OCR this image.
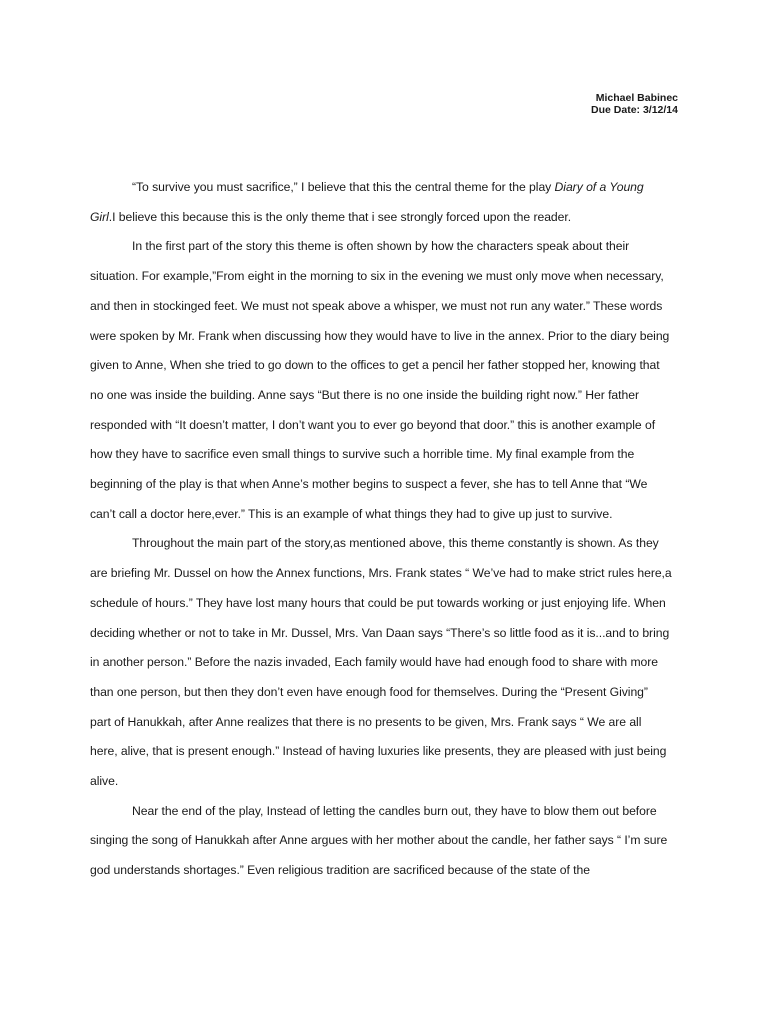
Michael Babinec
Due Date: 3/12/14

“To survive you must sacrifice,” I believe that this the central theme for the play Diary of a Young Girl.I believe this because this is the only theme that i see strongly forced upon the reader.

In the first part of the story this theme is often shown by how the characters speak about their situation. For example,”From eight in the morning to six in the evening we must only move when necessary, and then in stockinged feet. We must not speak above a whisper, we must not run any water.” These words were spoken by Mr. Frank when discussing how they would have to live in the annex. Prior to the diary being given to Anne, When she tried to go down to the offices to get a pencil her father stopped her, knowing that no one was inside the building. Anne says “But there is no one inside the building right now.” Her father responded with “It doesn’t matter, I don’t want you to ever go beyond that door.” this is another example of how they have to sacrifice even small things to survive such a horrible time. My final example from the beginning of the play is that when Anne’s mother begins to suspect a fever, she has to tell Anne that “We can’t call a doctor here,ever.” This is an example of what things they had to give up just to survive.

Throughout the main part of the story,as mentioned above, this theme constantly is shown. As they are briefing Mr. Dussel on how the Annex functions, Mrs. Frank states “ We’ve had to make strict rules here,a schedule of hours.” They have lost many hours that could be put towards working or just enjoying life. When deciding whether or not to take in Mr. Dussel, Mrs. Van Daan says “There’s so little food as it is...and to bring in another person.” Before the nazis invaded, Each family would have had enough food to share with more than one person, but then they don’t even have enough food for themselves. During the “Present Giving” part of Hanukkah, after Anne realizes that there is no presents to be given, Mrs. Frank says “ We are all here, alive, that is present enough.” Instead of having luxuries like presents, they are pleased with just being alive.

Near the end of the play, Instead of letting the candles burn out, they have to blow them out before singing the song of Hanukkah after Anne argues with her mother about the candle, her father says “ I’m sure god understands shortages.” Even religious tradition are sacrificed because of the state of the
